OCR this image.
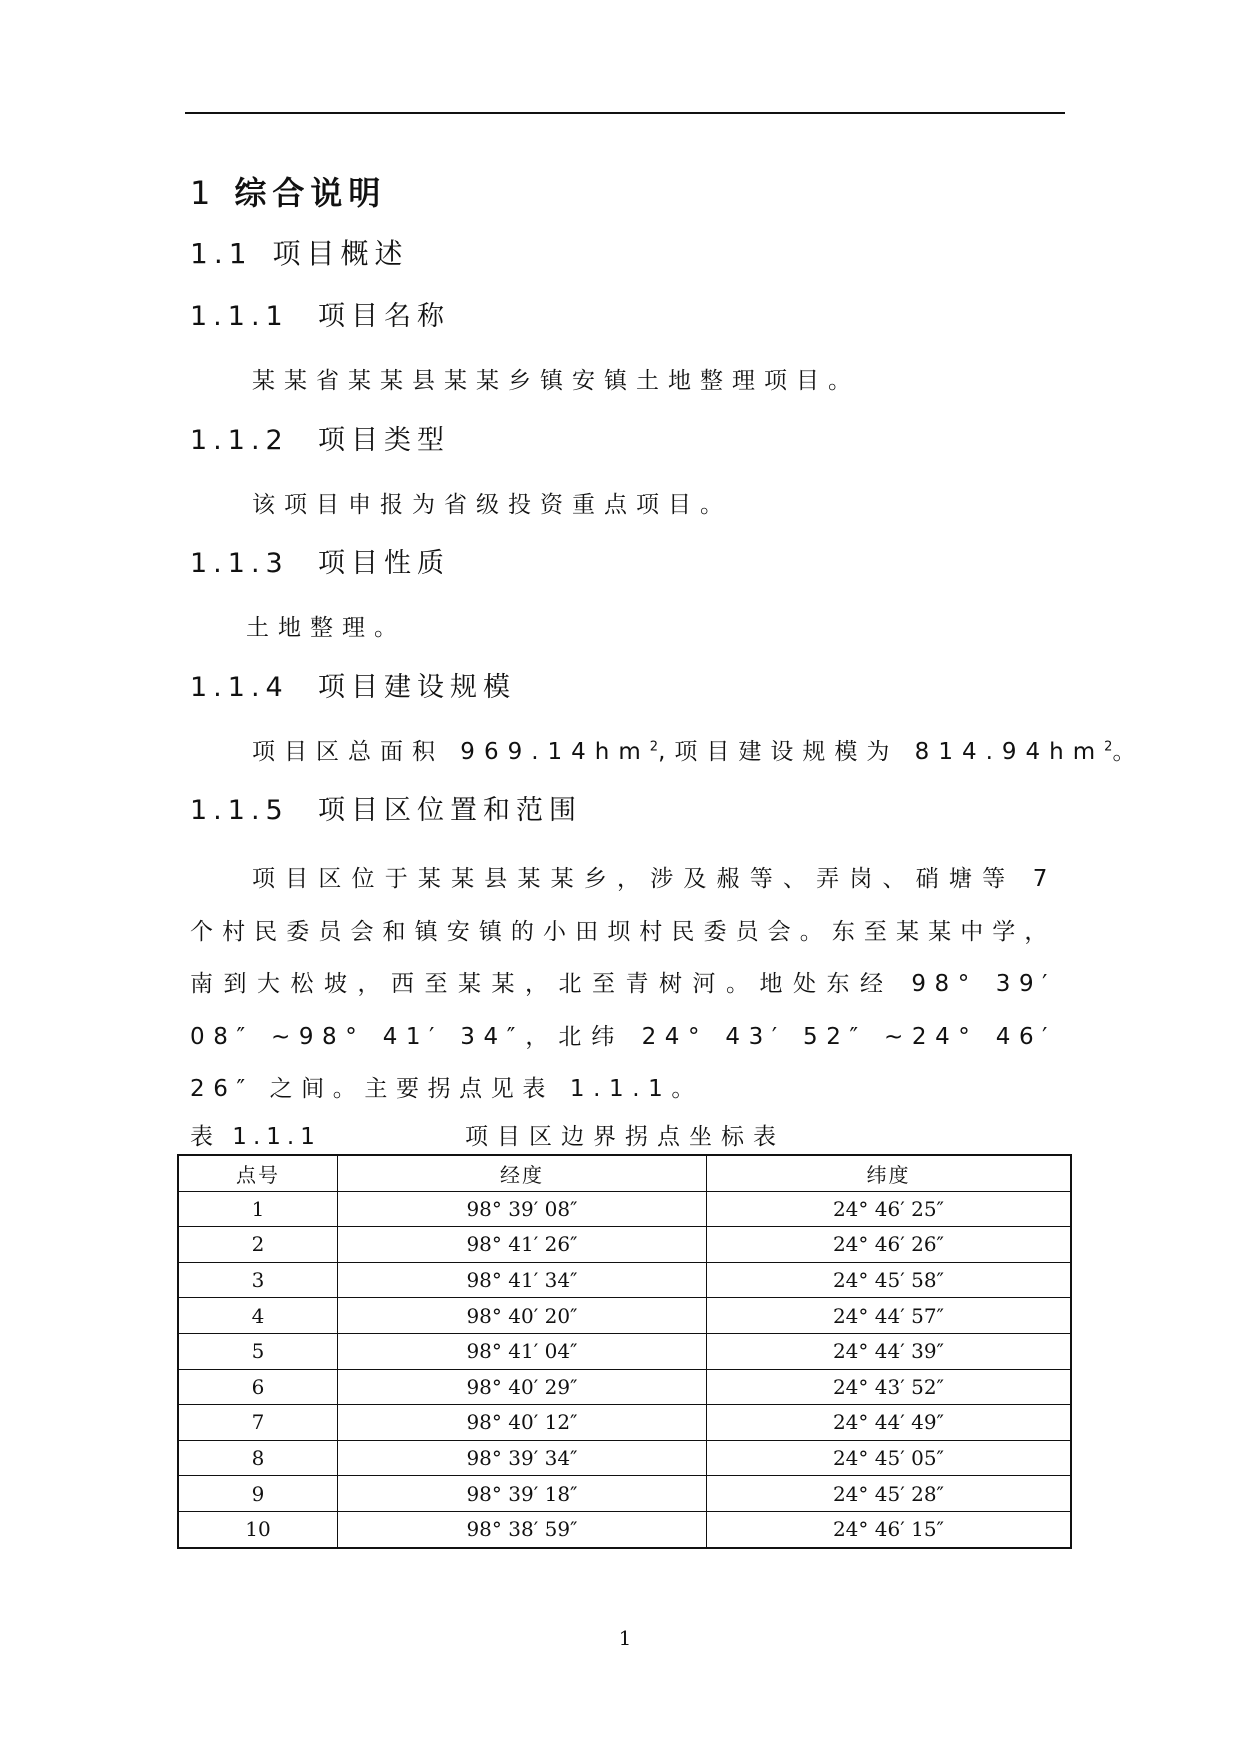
1 综合说明
1.1 项目概述
1.1.1 项目名称
某某省某某县某某乡镇安镇土地整理项目。
1.1.2 项目类型
该项目申报为省级投资重点项目。
1.1.3 项目性质
土地整理。
1.1.4 项目建设规模
项目区总面积 $969.14hm^2$,项目建设规模为 $814.94hm^2$。
1.1.5 项目区位置和范围
项目区位于某某县某某乡，涉及赧等、弄岗、硝塘等 7 个村民委员会和镇安镇的小田坝村民委员会。东至某某中学，南到大松坡，西至某某，北至青树河。地处东经 98° 39′ 08″ ~98° 41′ 34″，北纬 24° 43′ 52″ ~24° 46′ 26″ 之间。主要拐点见表 1.1.1。
表 1.1.1	项目区边界拐点坐标表
点号	经度	纬度
1	98° 39′ 08″	24° 46′ 25″
2	98° 41′ 26″	24° 46′ 26″
3	98° 41′ 34″	24° 45′ 58″
4	98° 40′ 20″	24° 44′ 57″
5	98° 41′ 04″	24° 44′ 39″
6	98° 40′ 29″	24° 43′ 52″
7	98° 40′ 12″	24° 44′ 49″
8	98° 39′ 34″	24° 45′ 05″
9	98° 39′ 18″	24° 45′ 28″
10	98° 38′ 59″	24° 46′ 15″
1
